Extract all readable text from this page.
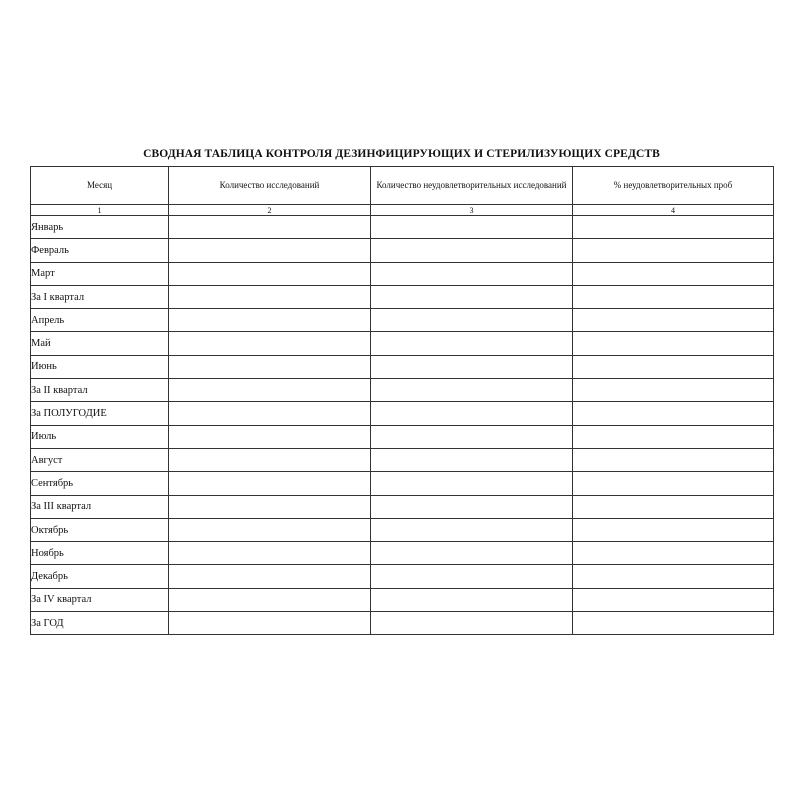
СВОДНАЯ ТАБЛИЦА КОНТРОЛЯ ДЕЗИНФИЦИРУЮЩИХ И СТЕРИЛИЗУЮЩИХ СРЕДСТВ
Месяц	Количество исследований	Количество неудовлетворительных исследований	% неудовлетворительных проб
1	2	3	4
Январь			
Февраль			
Март			
За I квартал			
Апрель			
Май			
Июнь			
За II квартал			
За ПОЛУГОДИЕ			
Июль			
Август			
Сентябрь			
За III квартал			
Октябрь			
Ноябрь			
Декабрь			
За IV квартал			
За ГОД			
